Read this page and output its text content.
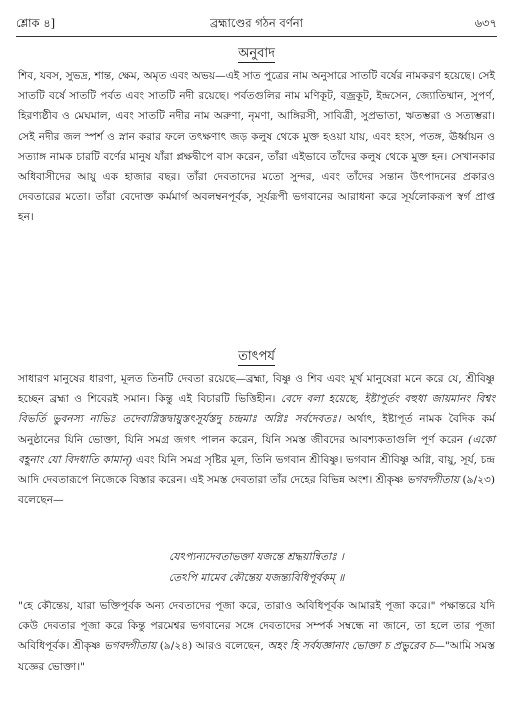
শ্লোক ৪]	ব্রহ্মাণ্ডের গঠন বর্ণনা	৬৩৭
অনুবাদ

শিব, যবস, সুভদ্র, শান্ত, ক্ষেম, অমৃত এবং অভয়—এই সাত পুত্রের নাম অনুসারে সাতটি বর্ষের নামকরণ হয়েছে। সেই সাতটি বর্ষে সাতটি পর্বত এবং সাতটি নদী রয়েছে। পর্বতগুলির নাম মণিকূট, বজ্রকূট, ইন্দ্রসেন, জ্যোতিষ্মান, সুপর্ণ, হিরণ্যষ্ঠীব ও মেঘমাল, এবং সাতটি নদীর নাম অরুণা, নৃমণা, আঙ্গিরসী, সাবিত্রী, সুপ্রভাতা, ঋতম্ভরা ও সত্যম্ভরা। সেই নদীর জল স্পর্শ ও স্নান করার ফলে তৎক্ষণাৎ জড় কলুষ থেকে মুক্ত হওয়া যায়, এবং হংস, পতঙ্গ, ঊর্ধ্বায়ন ও সত্যাঙ্গ নামক চারটি বর্ণের মানুষ যাঁরা প্লক্ষদ্বীপে বাস করেন, তাঁরা এইভাবে তাঁদের কলুষ থেকে মুক্ত হন। সেখানকার অধিবাসীদের আয়ু এক হাজার বছর। তাঁরা দেবতাদের মতো সুন্দর, এবং তাঁদের সন্তান উৎপাদনের প্রকারও দেবতারের মতো। তাঁরা বেদোক্ত কর্মমার্গ অবলম্বনপূর্বক, সূর্যরূপী ভগবানের আরাধনা করে সূর্যলোকরূপ স্বর্গ প্রাপ্ত হন।

তাৎপর্য

সাধারণ মানুষের ধারণা, মূলত তিনটি দেবতা রয়েছে—ব্রহ্মা, বিষ্ণু ও শিব এবং মূর্খ মানুষেরা মনে করে যে, শ্রীবিষ্ণু হচ্ছেন ব্রহ্মা ও শিবেরই সমান। কিন্তু এই বিচারটি ভিত্তিহীন। বেদে বলা হয়েছে, ইষ্টাপূর্তং বহুধা জায়মানং বিশ্বং বিভর্তি ভুবনস্য নাভিঃ তদেবাগ্নিস্তদ্বায়ুস্তৎসূর্যস্তদু চন্দ্রমাঃ অগ্নিঃ সর্বদেবতঃ। অর্থাৎ, ইষ্টাপূর্ত নামক বৈদিক কর্ম অনুষ্ঠানের যিনি ভোক্তা, যিনি সমগ্র জগৎ পালন করেন, যিনি সমস্ত জীবদের আবশ্যকতাগুলি পূর্ণ করেন (একো বহূনাং যো বিদধাতি কামান্) এবং যিনি সমগ্র সৃষ্টির মূল, তিনি ভগবান শ্রীবিষ্ণু। ভগবান শ্রীবিষ্ণু অগ্নি, বায়ু, সূর্য, চন্দ্র আদি দেবতারূপে নিজেকে বিস্তার করেন। এই সমস্ত দেবতারা তাঁর দেহের বিভিন্ন অংশ। শ্রীকৃষ্ণ ভগবদ্গীতায় (৯/২৩) বলেছেন—

যেঽপ্যন্যদেবতাভক্তা যজন্তে শ্রদ্ধয়ান্বিতাঃ ।
তেঽপি মামেব কৌন্তেয় যজন্ত্যবিধিপূর্বকম্ ॥

"হে কৌন্তেয়, যারা ভক্তিপূর্বক অন্য দেবতাদের পূজা করে, তারাও অবিধিপূর্বক আমারই পূজা করে।" পক্ষান্তরে যদি কেউ দেবতার পূজা করে কিন্তু পরমেশ্বর ভগবানের সঙ্গে দেবতাদের সম্পর্ক সম্বন্ধে না জানে, তা হলে তার পূজা অবিধিপূর্বক। শ্রীকৃষ্ণ ভগবদ্গীতায় (৯/২৪) আরও বলেছেন, অহং হি সর্বযজ্ঞানাং ভোক্তা চ প্রভুরেব চ—"আমি সমস্ত যজ্ঞের ভোক্তা।"
